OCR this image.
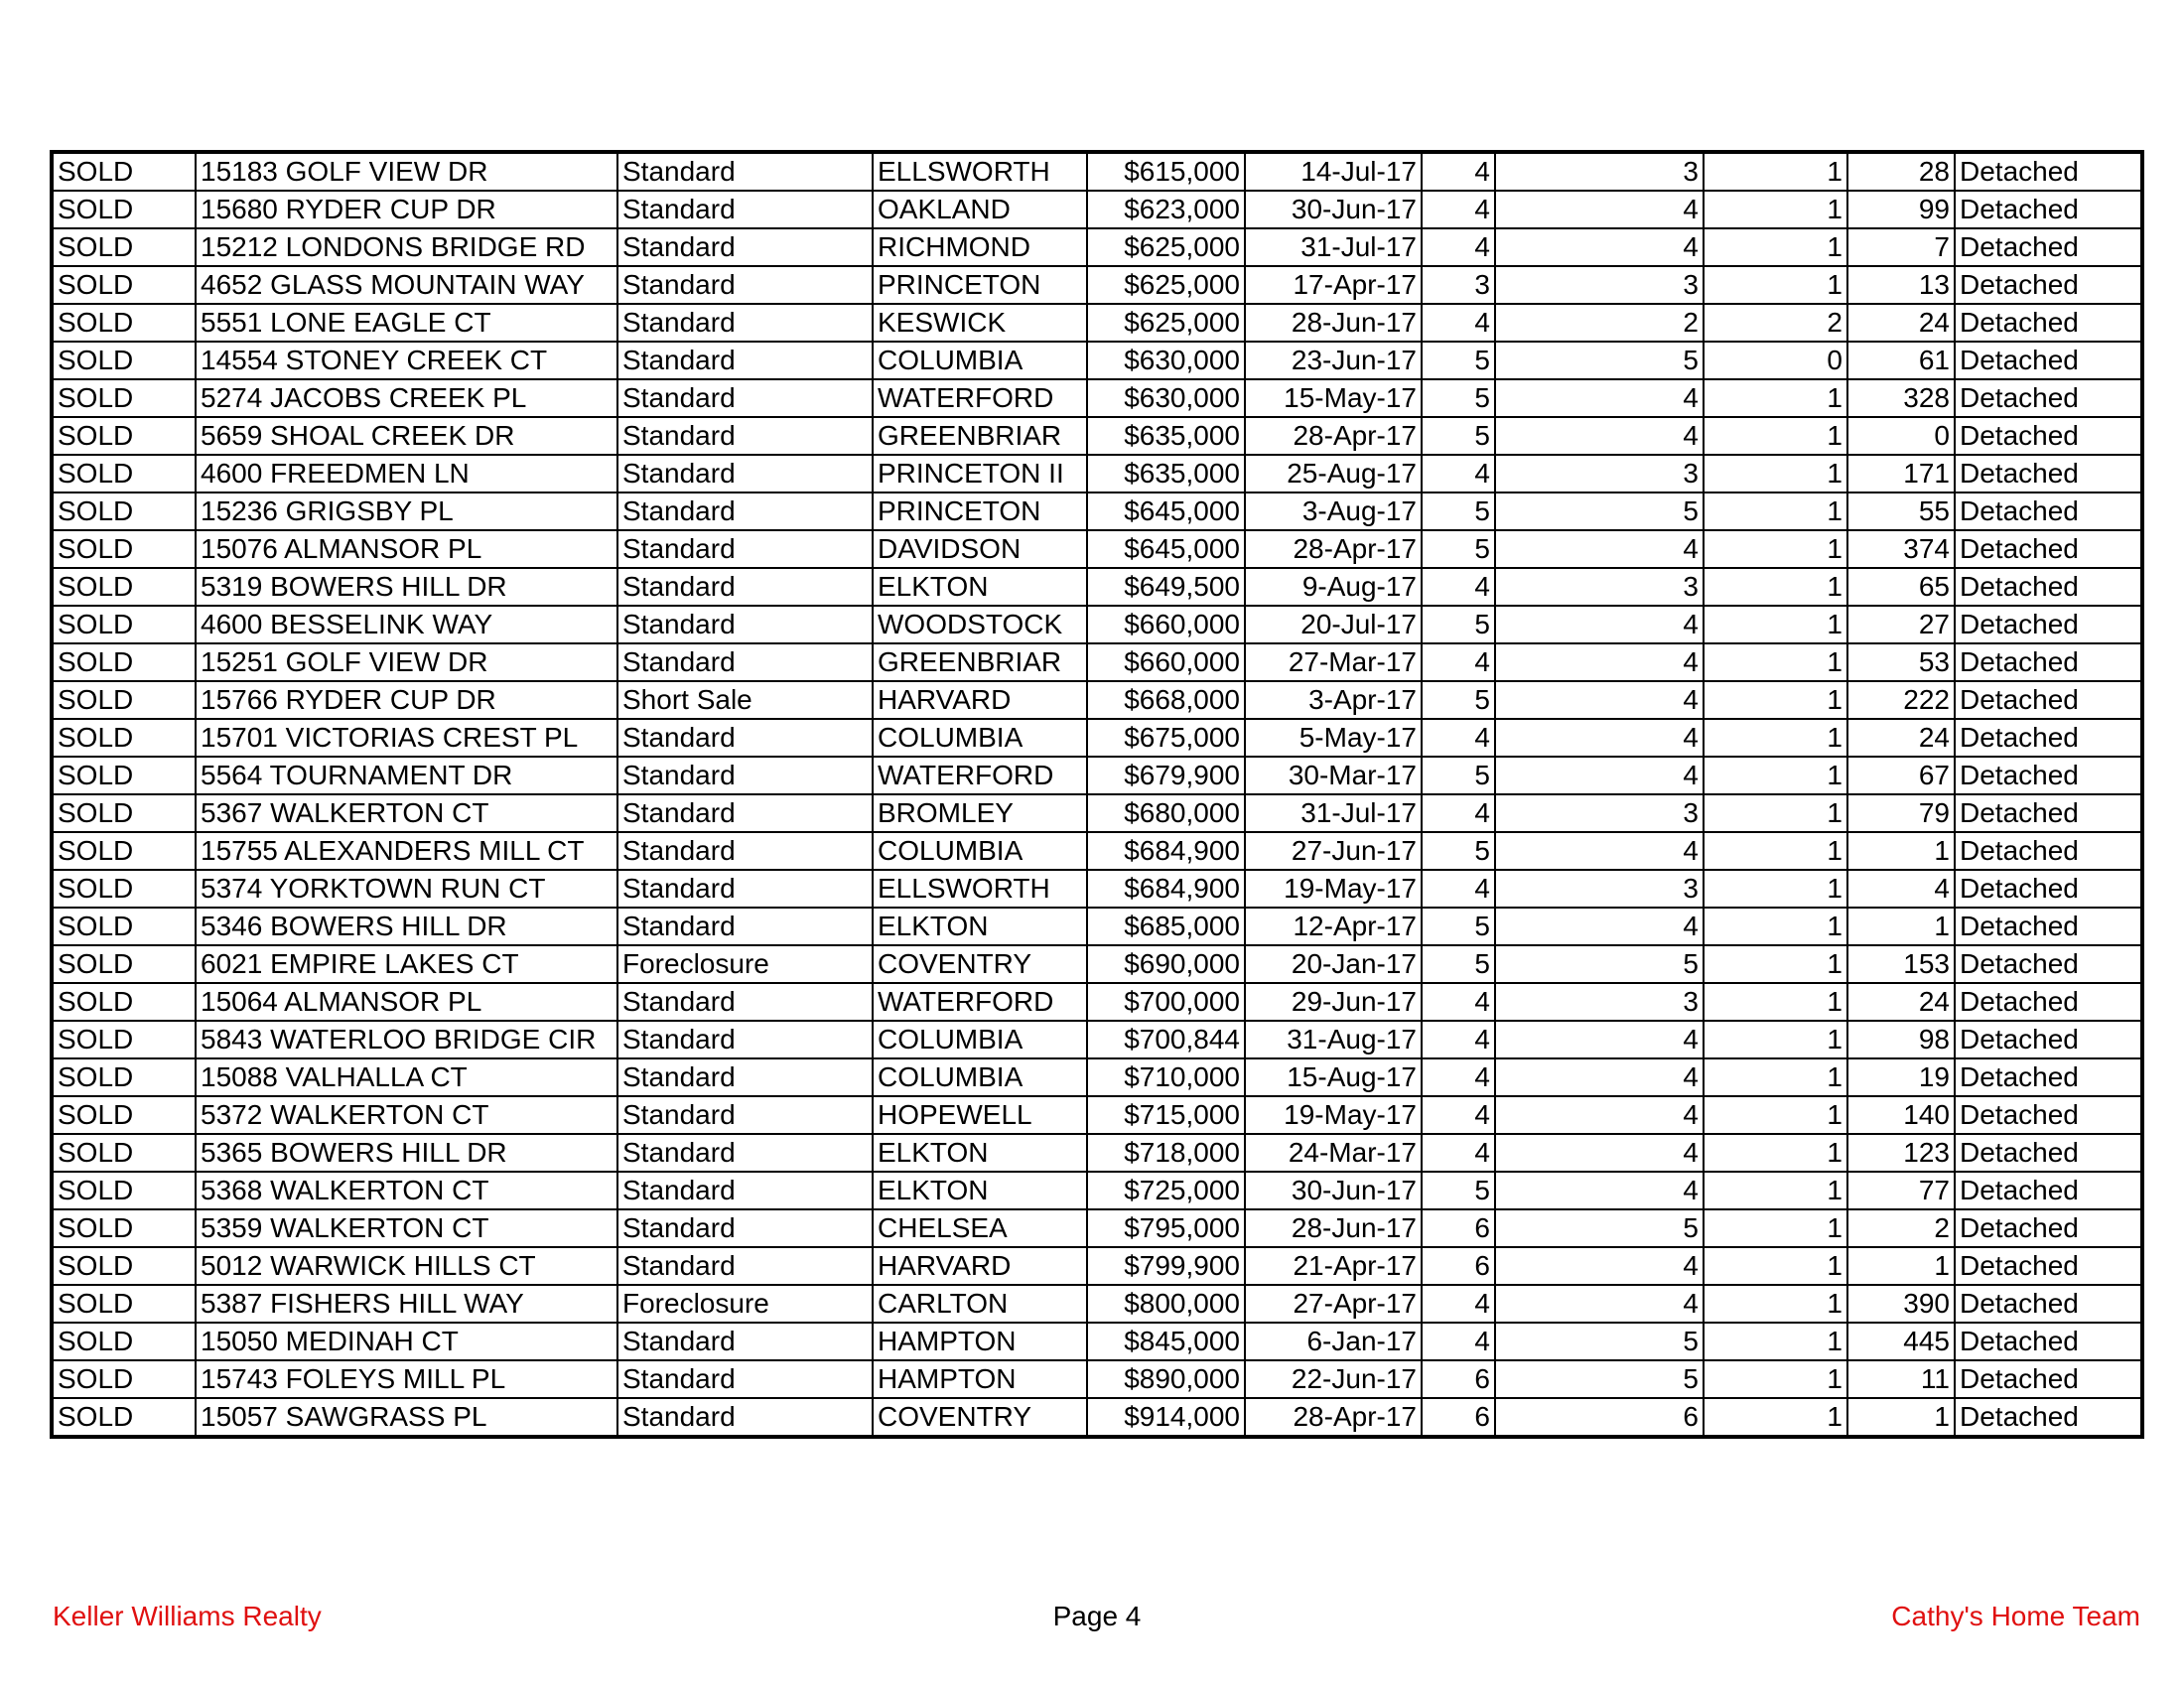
SOLD	15183 GOLF VIEW DR	Standard	ELLSWORTH	$615,000	14-Jul-17	4	3	1	28	Detached
SOLD	15680 RYDER CUP DR	Standard	OAKLAND	$623,000	30-Jun-17	4	4	1	99	Detached
SOLD	15212 LONDONS BRIDGE RD	Standard	RICHMOND	$625,000	31-Jul-17	4	4	1	7	Detached
SOLD	4652 GLASS MOUNTAIN WAY	Standard	PRINCETON	$625,000	17-Apr-17	3	3	1	13	Detached
SOLD	5551 LONE EAGLE CT	Standard	KESWICK	$625,000	28-Jun-17	4	2	2	24	Detached
SOLD	14554 STONEY CREEK CT	Standard	COLUMBIA	$630,000	23-Jun-17	5	5	0	61	Detached
SOLD	5274 JACOBS CREEK PL	Standard	WATERFORD	$630,000	15-May-17	5	4	1	328	Detached
SOLD	5659 SHOAL CREEK DR	Standard	GREENBRIAR	$635,000	28-Apr-17	5	4	1	0	Detached
SOLD	4600 FREEDMEN LN	Standard	PRINCETON II	$635,000	25-Aug-17	4	3	1	171	Detached
SOLD	15236 GRIGSBY PL	Standard	PRINCETON	$645,000	3-Aug-17	5	5	1	55	Detached
SOLD	15076 ALMANSOR PL	Standard	DAVIDSON	$645,000	28-Apr-17	5	4	1	374	Detached
SOLD	5319 BOWERS HILL DR	Standard	ELKTON	$649,500	9-Aug-17	4	3	1	65	Detached
SOLD	4600 BESSELINK WAY	Standard	WOODSTOCK	$660,000	20-Jul-17	5	4	1	27	Detached
SOLD	15251 GOLF VIEW DR	Standard	GREENBRIAR	$660,000	27-Mar-17	4	4	1	53	Detached
SOLD	15766 RYDER CUP DR	Short Sale	HARVARD	$668,000	3-Apr-17	5	4	1	222	Detached
SOLD	15701 VICTORIAS CREST PL	Standard	COLUMBIA	$675,000	5-May-17	4	4	1	24	Detached
SOLD	5564 TOURNAMENT DR	Standard	WATERFORD	$679,900	30-Mar-17	5	4	1	67	Detached
SOLD	5367 WALKERTON CT	Standard	BROMLEY	$680,000	31-Jul-17	4	3	1	79	Detached
SOLD	15755 ALEXANDERS MILL CT	Standard	COLUMBIA	$684,900	27-Jun-17	5	4	1	1	Detached
SOLD	5374 YORKTOWN RUN CT	Standard	ELLSWORTH	$684,900	19-May-17	4	3	1	4	Detached
SOLD	5346 BOWERS HILL DR	Standard	ELKTON	$685,000	12-Apr-17	5	4	1	1	Detached
SOLD	6021 EMPIRE LAKES CT	Foreclosure	COVENTRY	$690,000	20-Jan-17	5	5	1	153	Detached
SOLD	15064 ALMANSOR PL	Standard	WATERFORD	$700,000	29-Jun-17	4	3	1	24	Detached
SOLD	5843 WATERLOO BRIDGE CIR	Standard	COLUMBIA	$700,844	31-Aug-17	4	4	1	98	Detached
SOLD	15088 VALHALLA CT	Standard	COLUMBIA	$710,000	15-Aug-17	4	4	1	19	Detached
SOLD	5372 WALKERTON CT	Standard	HOPEWELL	$715,000	19-May-17	4	4	1	140	Detached
SOLD	5365 BOWERS HILL DR	Standard	ELKTON	$718,000	24-Mar-17	4	4	1	123	Detached
SOLD	5368 WALKERTON CT	Standard	ELKTON	$725,000	30-Jun-17	5	4	1	77	Detached
SOLD	5359 WALKERTON CT	Standard	CHELSEA	$795,000	28-Jun-17	6	5	1	2	Detached
SOLD	5012 WARWICK HILLS CT	Standard	HARVARD	$799,900	21-Apr-17	6	4	1	1	Detached
SOLD	5387 FISHERS HILL WAY	Foreclosure	CARLTON	$800,000	27-Apr-17	4	4	1	390	Detached
SOLD	15050 MEDINAH CT	Standard	HAMPTON	$845,000	6-Jan-17	4	5	1	445	Detached
SOLD	15743 FOLEYS MILL PL	Standard	HAMPTON	$890,000	22-Jun-17	6	5	1	11	Detached
SOLD	15057 SAWGRASS PL	Standard	COVENTRY	$914,000	28-Apr-17	6	6	1	1	Detached
Keller Williams Realty	Page 4	Cathy's Home Team
